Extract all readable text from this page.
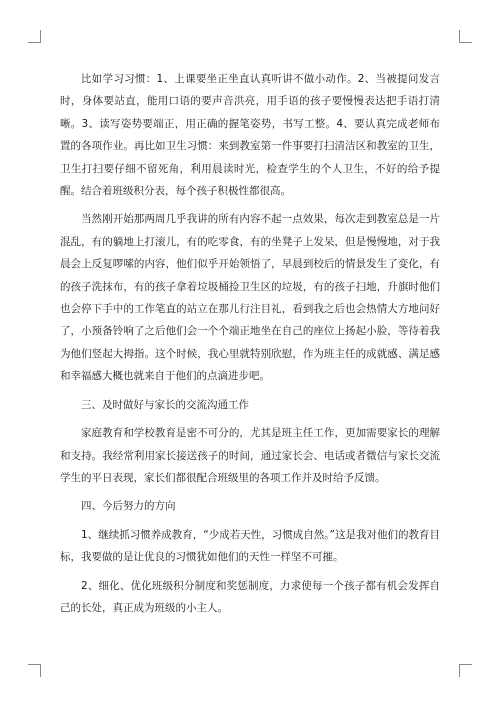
比如学习习惯：1、上课要坐正坐直认真听讲不做小动作。2、当被提问发言时，身体要站直，能用口语的要声音洪亮，用手语的孩子要慢慢表达把手语打清晰。3、读写姿势要端正，用正确的握笔姿势，书写工整。4、要认真完成老师布置的各项作业。再比如卫生习惯：来到教室第一件事要打扫清洁区和教室的卫生，卫生打扫要仔细不留死角，利用晨读时光，检查学生的个人卫生，不好的给予提醒。结合着班级积分表，每个孩子积极性都很高。

当然刚开始那两周几乎我讲的所有内容不起一点效果，每次走到教室总是一片混乱，有的躺地上打滚儿，有的吃零食，有的坐凳子上发呆，但是慢慢地，对于我晨会上反复啰嗦的内容，他们似乎开始领悟了，早晨到校后的情景发生了变化，有的孩子洗抹布，有的孩子拿着垃圾桶捡卫生区的垃圾，有的孩子扫地，升旗时他们也会停下手中的工作笔直的站立在那儿行注目礼，看到我之后也会热情大方地问好了，小预备铃响了之后他们会一个个端正地坐在自己的座位上扬起小脸，等待着我为他们竖起大拇指。这个时候，我心里就特别欣慰，作为班主任的成就感、满足感和幸福感大概也就来自于他们的点滴进步吧。

三、及时做好与家长的交流沟通工作

家庭教育和学校教育是密不可分的，尤其是班主任工作，更加需要家长的理解和支持。我经常利用家长接送孩子的时间，通过家长会、电话或者微信与家长交流学生的平日表现，家长们都很配合班级里的各项工作并及时给予反馈。

四、今后努力的方向

1、继续抓习惯养成教育，“少成若天性，习惯成自然。”这是我对他们的教育目标，我要做的是让优良的习惯犹如他们的天性一样坚不可摧。

2、细化、优化班级积分制度和奖惩制度，力求使每一个孩子都有机会发挥自己的长处，真正成为班级的小主人。
